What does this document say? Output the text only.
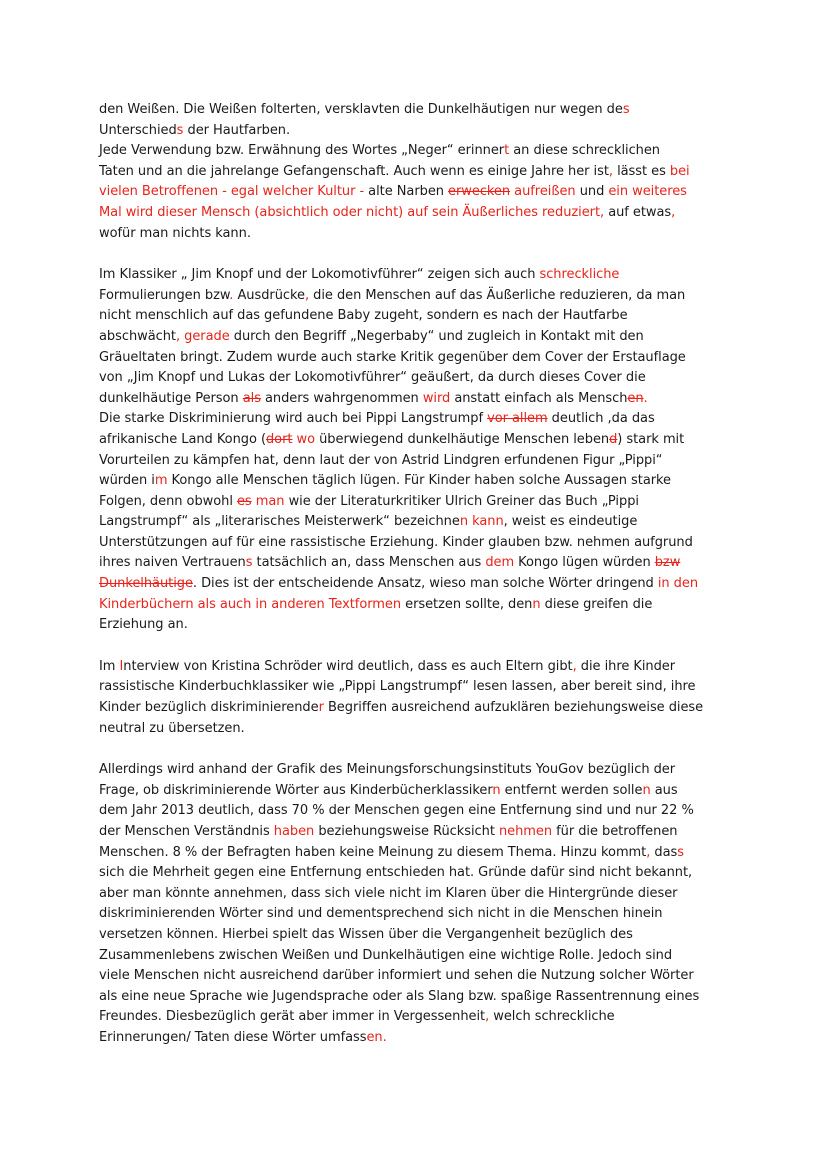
den Weißen. Die Weißen folterten, versklavten die Dunkelhäutigen nur wegen des
Unterschieds der Hautfarben.
Jede Verwendung bzw. Erwähnung des Wortes „Neger“ erinnert an diese schrecklichen
Taten und an die jahrelange Gefangenschaft. Auch wenn es einige Jahre her ist, lässt es bei
vielen Betroffenen - egal welcher Kultur - alte Narben erwecken aufreißen und ein weiteres
Mal wird dieser Mensch (absichtlich oder nicht) auf sein Äußerliches reduziert, auf etwas,
wofür man nichts kann.
Im Klassiker „ Jim Knopf und der Lokomotivführer“ zeigen sich auch schreckliche
Formulierungen bzw. Ausdrücke, die den Menschen auf das Äußerliche reduzieren, da man
nicht menschlich auf das gefundene Baby zugeht, sondern es nach der Hautfarbe
abschwächt, gerade durch den Begriff „Negerbaby“ und zugleich in Kontakt mit den
Gräueltaten bringt. Zudem wurde auch starke Kritik gegenüber dem Cover der Erstauflage
von „Jim Knopf und Lukas der Lokomotivführer“ geäußert, da durch dieses Cover die
dunkelhäutige Person als anders wahrgenommen wird anstatt einfach als Menschen.
Die starke Diskriminierung wird auch bei Pippi Langstrumpf vor allem deutlich ,da das
afrikanische Land Kongo (dort wo überwiegend dunkelhäutige Menschen lebend) stark mit
Vorurteilen zu kämpfen hat, denn laut der von Astrid Lindgren erfundenen Figur „Pippi“
würden im Kongo alle Menschen täglich lügen. Für Kinder haben solche Aussagen starke
Folgen, denn obwohl es man wie der Literaturkritiker Ulrich Greiner das Buch „Pippi
Langstrumpf“ als „literarisches Meisterwerk“ bezeichnen kann, weist es eindeutige
Unterstützungen auf für eine rassistische Erziehung. Kinder glauben bzw. nehmen aufgrund
ihres naiven Vertrauens tatsächlich an, dass Menschen aus dem Kongo lügen würden bzw
Dunkelhäutige. Dies ist der entscheidende Ansatz, wieso man solche Wörter dringend in den
Kinderbüchern als auch in anderen Textformen ersetzen sollte, denn diese greifen die
Erziehung an.
Im Interview von Kristina Schröder wird deutlich, dass es auch Eltern gibt, die ihre Kinder
rassistische Kinderbuchklassiker wie „Pippi Langstrumpf“ lesen lassen, aber bereit sind, ihre
Kinder bezüglich diskriminierender Begriffen ausreichend aufzuklären beziehungsweise diese
neutral zu übersetzen.
Allerdings wird anhand der Grafik des Meinungsforschungsinstituts YouGov bezüglich der
Frage, ob diskriminierende Wörter aus Kinderbücherklassikern entfernt werden sollen aus
dem Jahr 2013 deutlich, dass 70 % der Menschen gegen eine Entfernung sind und nur 22 %
der Menschen Verständnis haben beziehungsweise Rücksicht nehmen für die betroffenen
Menschen. 8 % der Befragten haben keine Meinung zu diesem Thema. Hinzu kommt, dass
sich die Mehrheit gegen eine Entfernung entschieden hat. Gründe dafür sind nicht bekannt,
aber man könnte annehmen, dass sich viele nicht im Klaren über die Hintergründe dieser
diskriminierenden Wörter sind und dementsprechend sich nicht in die Menschen hinein
versetzen können. Hierbei spielt das Wissen über die Vergangenheit bezüglich des
Zusammenlebens zwischen Weißen und Dunkelhäutigen eine wichtige Rolle. Jedoch sind
viele Menschen nicht ausreichend darüber informiert und sehen die Nutzung solcher Wörter
als eine neue Sprache wie Jugendsprache oder als Slang bzw. spaßige Rassentrennung eines
Freundes. Diesbezüglich gerät aber immer in Vergessenheit, welch schreckliche
Erinnerungen/ Taten diese Wörter umfassen.
